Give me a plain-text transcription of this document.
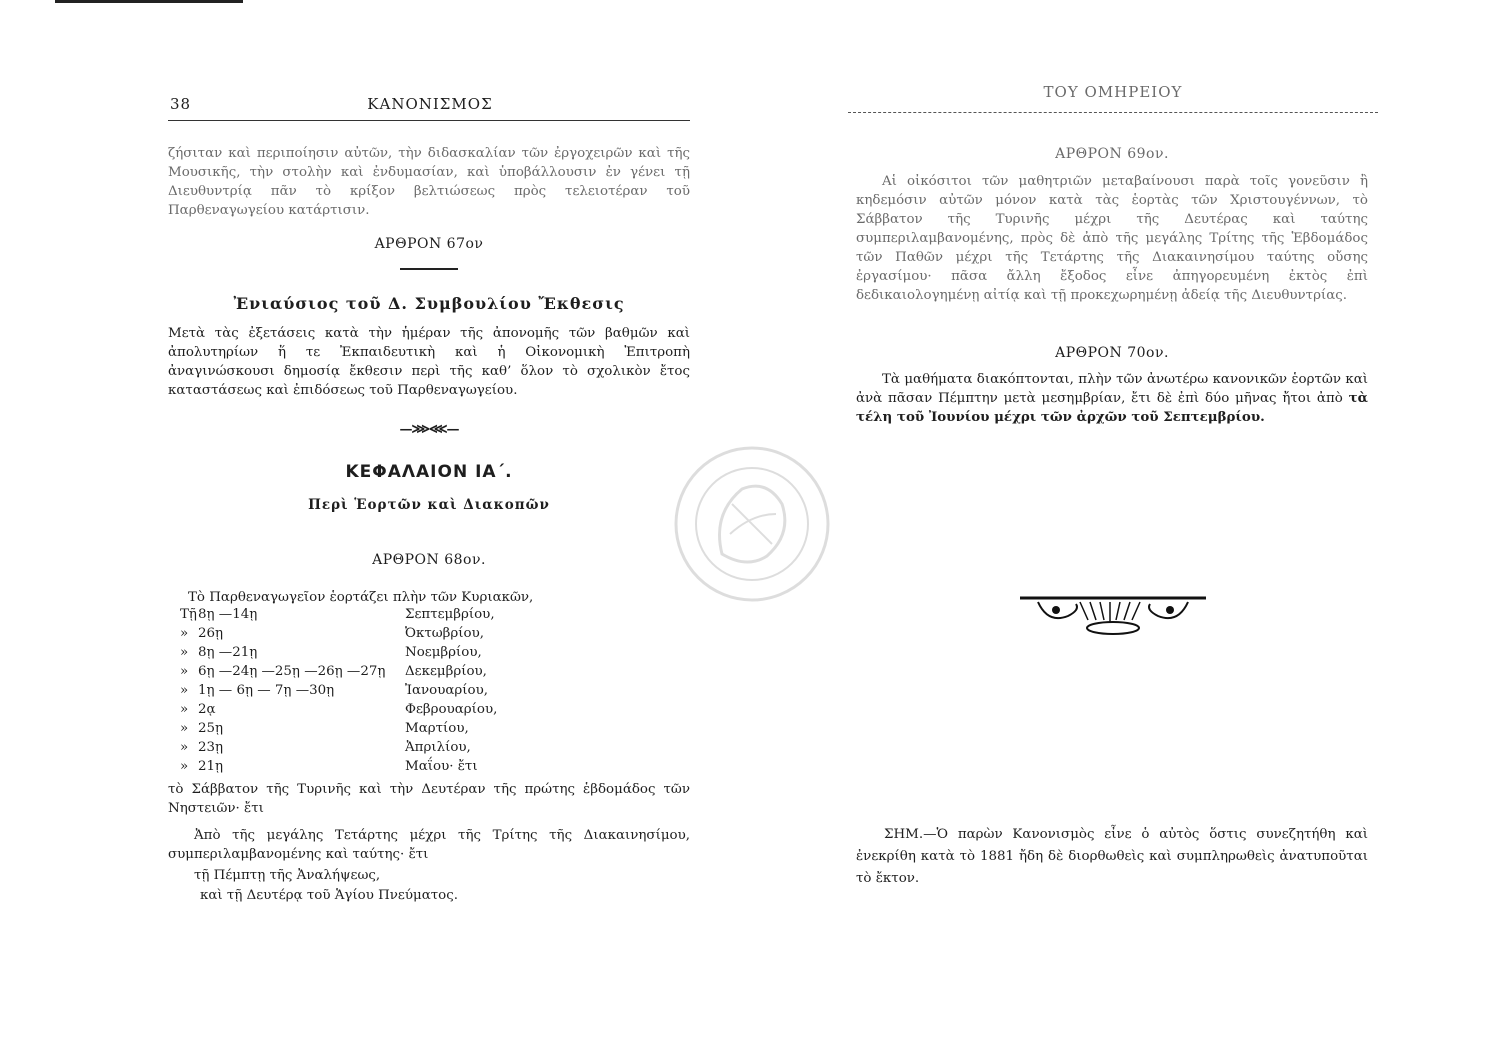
38	ΚΑΝΟΝΙΣΜΟΣ

ζήσιταν καὶ περιποίησιν αὐτῶν, τὴν διδασκαλίαν τῶν ἐργοχειρῶν καὶ τῆς Μουσικῆς, τὴν στολὴν καὶ ἐνδυμασίαν, καὶ ὑποβάλλουσιν ἐν γένει τῇ Διευθυντρίᾳ πᾶν τὸ κρίξον βελτιώσεως πρὸς τελειοτέραν τοῦ Παρθεναγωγείου κατάρτισιν.

ΑΡΘΡΟΝ 67ον
Ἐνιαύσιος τοῦ Δ. Συμβουλίου Ἔκθεσις

Μετὰ τὰς ἐξετάσεις κατὰ τὴν ἡμέραν τῆς ἀπονομῆς τῶν βαθμῶν καὶ ἀπολυτηρίων ἥ τε Ἐκπαιδευτικὴ καὶ ἡ Οἰκονομικὴ Ἐπιτροπὴ ἀναγινώσκουσι δημοσίᾳ ἔκθεσιν περὶ τῆς καθ’ ὅλον τὸ σχολικὸν ἔτος καταστάσεως καὶ ἐπιδόσεως τοῦ Παρθεναγωγείου.

—⋙⋘—
ΚΕΦΑΛΑΙΟΝ ΙΑ΄.
Περὶ Ἑορτῶν καὶ Διακοπῶν
ΑΡΘΡΟΝ 68ον.
Τὸ Παρθεναγωγεῖον ἑορτάζει πλὴν τῶν Κυριακῶν,
Τῇ 8ῃ —14ῃ	Σεπτεμβρίου,
» 26ῃ	Ὀκτωβρίου,
» 8ῃ —21ῃ	Νοεμβρίου,
» 6ῃ —24ῃ —25ῃ —26ῃ —27ῃ Δεκεμβρίου,
» 1ῃ — 6ῃ — 7ῃ —30ῃ	Ἰανουαρίου,
» 2ᾳ	Φεβρουαρίου,
» 25ῃ	Μαρτίου,
» 23ῃ	Ἀπριλίου,
» 21ῃ	Μαΐου· ἔτι

τὸ Σάββατον τῆς Τυρινῆς καὶ τὴν Δευτέραν τῆς πρώτης ἑβδομάδος τῶν Νηστειῶν· ἔτι

Ἀπὸ τῆς μεγάλης Τετάρτης μέχρι τῆς Τρίτης τῆς Διακαινησίμου, συμπεριλαμβανομένης καὶ ταύτης· ἔτι

τῇ Πέμπτῃ τῆς Ἀναλήψεως,
καὶ τῇ Δευτέρᾳ τοῦ Ἁγίου Πνεύματος.
ΤΟΥ ΟΜΗΡΕΙΟΥ
ΑΡΘΡΟΝ 69ον.

Αἱ οἰκόσιτοι τῶν μαθητριῶν μεταβαίνουσι παρὰ τοῖς γονεῦσιν ἢ κηδεμόσιν αὐτῶν μόνον κατὰ τὰς ἑορτὰς τῶν Χριστουγέννων, τὸ Σάββατον τῆς Τυρινῆς μέχρι τῆς Δευτέρας καὶ ταύτης συμπεριλαμβανομένης, πρὸς δὲ ἀπὸ τῆς μεγάλης Τρίτης τῆς Ἑβδομάδος τῶν Παθῶν μέχρι τῆς Τετάρτης τῆς Διακαινησίμου ταύτης οὔσης ἐργασίμου· πᾶσα ἄλλη ἔξοδος εἶνε ἀπηγορευμένη ἐκτὸς ἐπὶ δεδικαιολογημένῃ αἰτίᾳ καὶ τῇ προκεχωρημένῃ ἀδείᾳ τῆς Διευθυντρίας.

ΑΡΘΡΟΝ 70ον.

Τὰ μαθήματα διακόπτονται, πλὴν τῶν ἀνωτέρω κανονικῶν ἑορτῶν καὶ ἀνὰ πᾶσαν Πέμπτην μετὰ μεσημβρίαν, ἔτι δὲ ἐπὶ δύο μῆνας ἤτοι ἀπὸ τὰ τέλη τοῦ Ἰουνίου μέχρι τῶν ἀρχῶν τοῦ Σεπτεμβρίου.

ΣΗΜ.—Ὁ παρὼν Κανονισμὸς εἶνε ὁ αὐτὸς ὅστις συνεζητήθη καὶ ἐνεκρίθη κατὰ τὸ 1881 ἤδη δὲ διορθωθεὶς καὶ συμπληρωθεὶς ἀνατυποῦται τὸ ἔκτον.
